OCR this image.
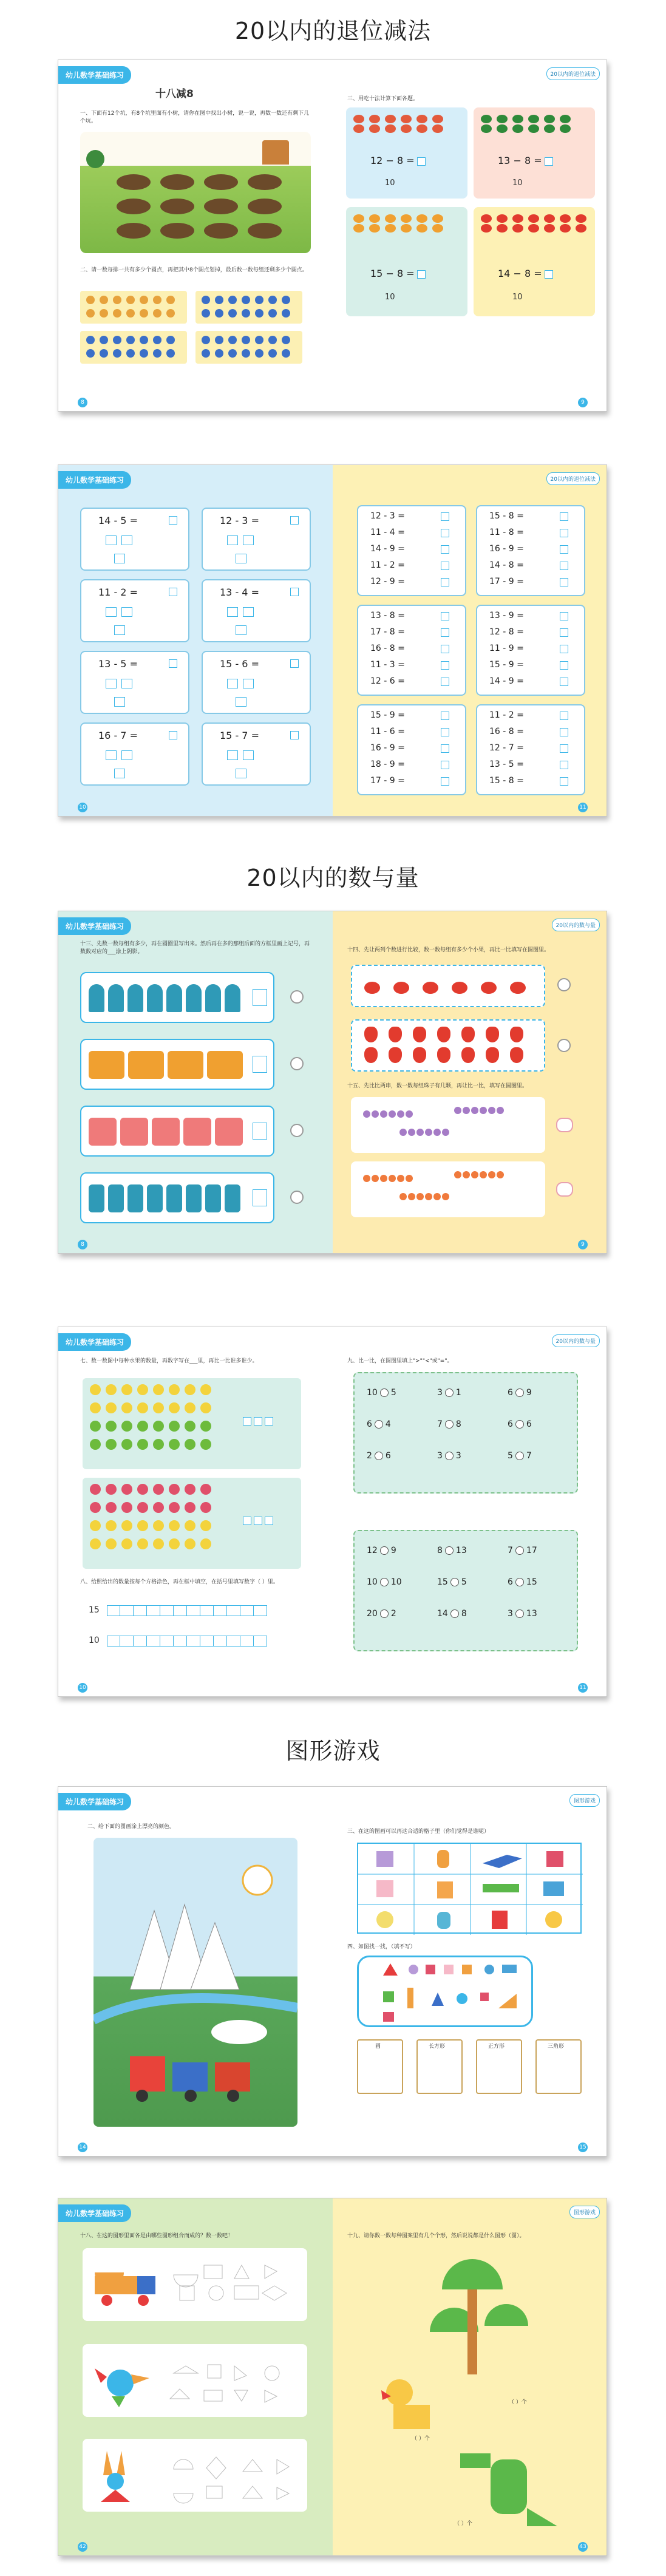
20以内的退位减法
幼儿数学基础练习
十八减8
一、下面有12个坑，有8个坑里面有小树，请你在图中找出小树，说一说，再数一数还有剩下几个坑。
二、请一数每排一共有多少个圆点，再把其中8个圆点划掉，最后数一数每组还剩多少个圆点。
8
20以内的退位减法
三、用吃十法计算下面各题。
12 − 8 =
10
13 − 8 =
10
15 − 8 =
10
14 − 8 =
10
9
幼儿数学基础练习
14 - 5 =	12 - 3 =
11 - 2 =	13 - 4 =
13 - 5 =	15 - 6 =
16 - 7 =	15 - 7 =
10
20以内的退位减法
12 - 3 =
11 - 4 =
14 - 9 =
11 - 2 =
12 - 9 =
15 - 8 =
11 - 8 =
16 - 9 =
14 - 8 =
17 - 9 =
13 - 8 =
17 - 8 =
16 - 8 =
11 - 3 =
12 - 6 =
13 - 9 =
12 - 8 =
11 - 9 =
15 - 9 =
14 - 9 =
15 - 9 =
11 - 6 =
16 - 9 =
18 - 9 =
17 - 9 =
11 - 2 =
16 - 8 =
12 - 7 =
13 - 5 =
15 - 8 =
11
20以内的数与量
幼儿数学基础练习
十三、先数一数每组有多少，再在圆圈里写出来。然后再在多的那组后面的方框里画上记号，再数数对应的___涂上阴影。
8
20以内的数与量
十四、先让两列个数进行比较，数一数每组有多少个小果，再比一比填写在圆圈里。
十五、先比比两串，数一数每组珠子有几颗，再让比一比，填写在圆圈里。
9
幼儿数学基础练习
七、数一数图中每种水果的数量，再数字写在___里，再比一比谁多谁少。
八、给照给出的数量按每个方格涂色，再在框中填空，在括号里填写数字（ ）里。
15
10
10
20以内的数与量
九、比一比，在圆圈里填上">""<"或"="。
10 5	3 1	6 9
6 4	7 8	6 6
2 6	3 3	5 7
12 9	8 13	7 17
10 10	15 5	6 15
20 2	14 8	3 13
11
图形游戏
幼儿数学基础练习
二、给下面的图画涂上漂亮的颜色。
14
图形游戏
三、在这的图画可以再这合适的格子里（你们觉得是谁呢）
四、如图找一找，（填不写）
圆	长方形	正方形	三角形
15
幼儿数学基础练习
十八、在这的图形里面各是由哪些图形组合而成的？数一数吧！
42
图形游戏
十九、请你数一数每种图案里有几个个形，然后说说都是什么图形（图）。
（ ）个
（ ）个
（ ）个
43
